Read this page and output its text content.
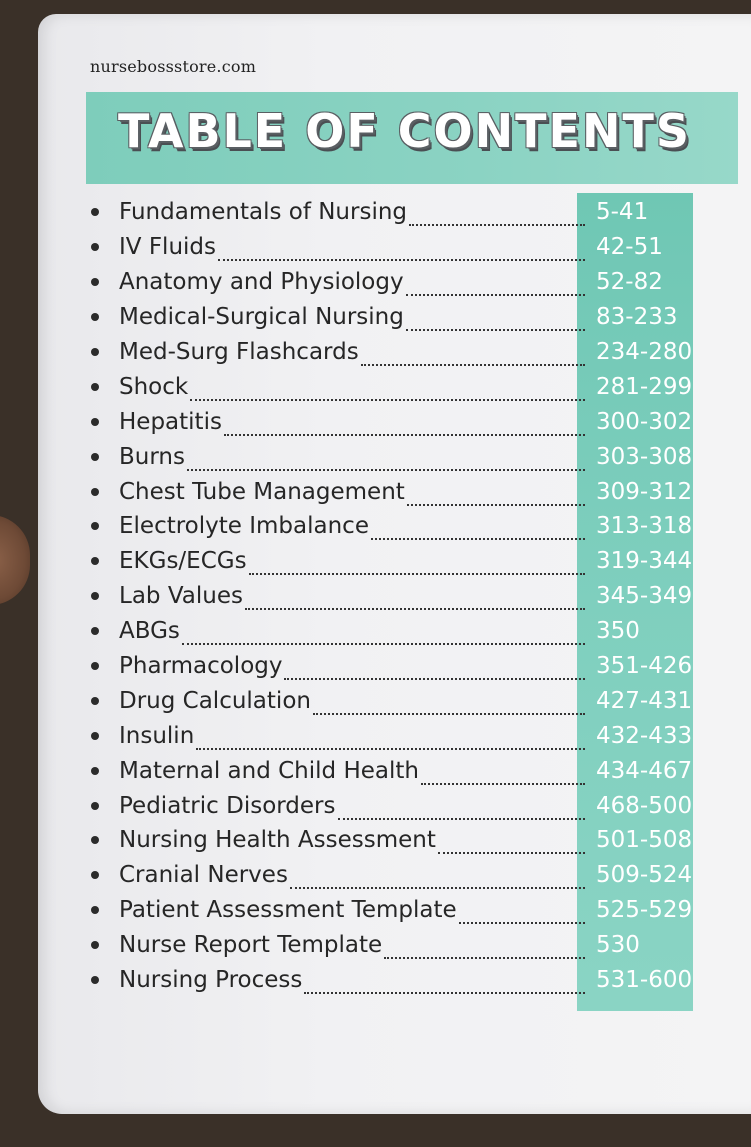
nursebossstore.com
TABLE OF CONTENTS
Fundamentals of Nursing	5-41
IV Fluids	42-51
Anatomy and Physiology	52-82
Medical-Surgical Nursing	83-233
Med-Surg Flashcards	234-280
Shock	281-299
Hepatitis	300-302
Burns	303-308
Chest Tube Management	309-312
Electrolyte Imbalance	313-318
EKGs/ECGs	319-344
Lab Values	345-349
ABGs	350
Pharmacology	351-426
Drug Calculation	427-431
Insulin	432-433
Maternal and Child Health	434-467
Pediatric Disorders	468-500
Nursing Health Assessment	501-508
Cranial Nerves	509-524
Patient Assessment Template	525-529
Nurse Report Template	530
Nursing Process	531-600
